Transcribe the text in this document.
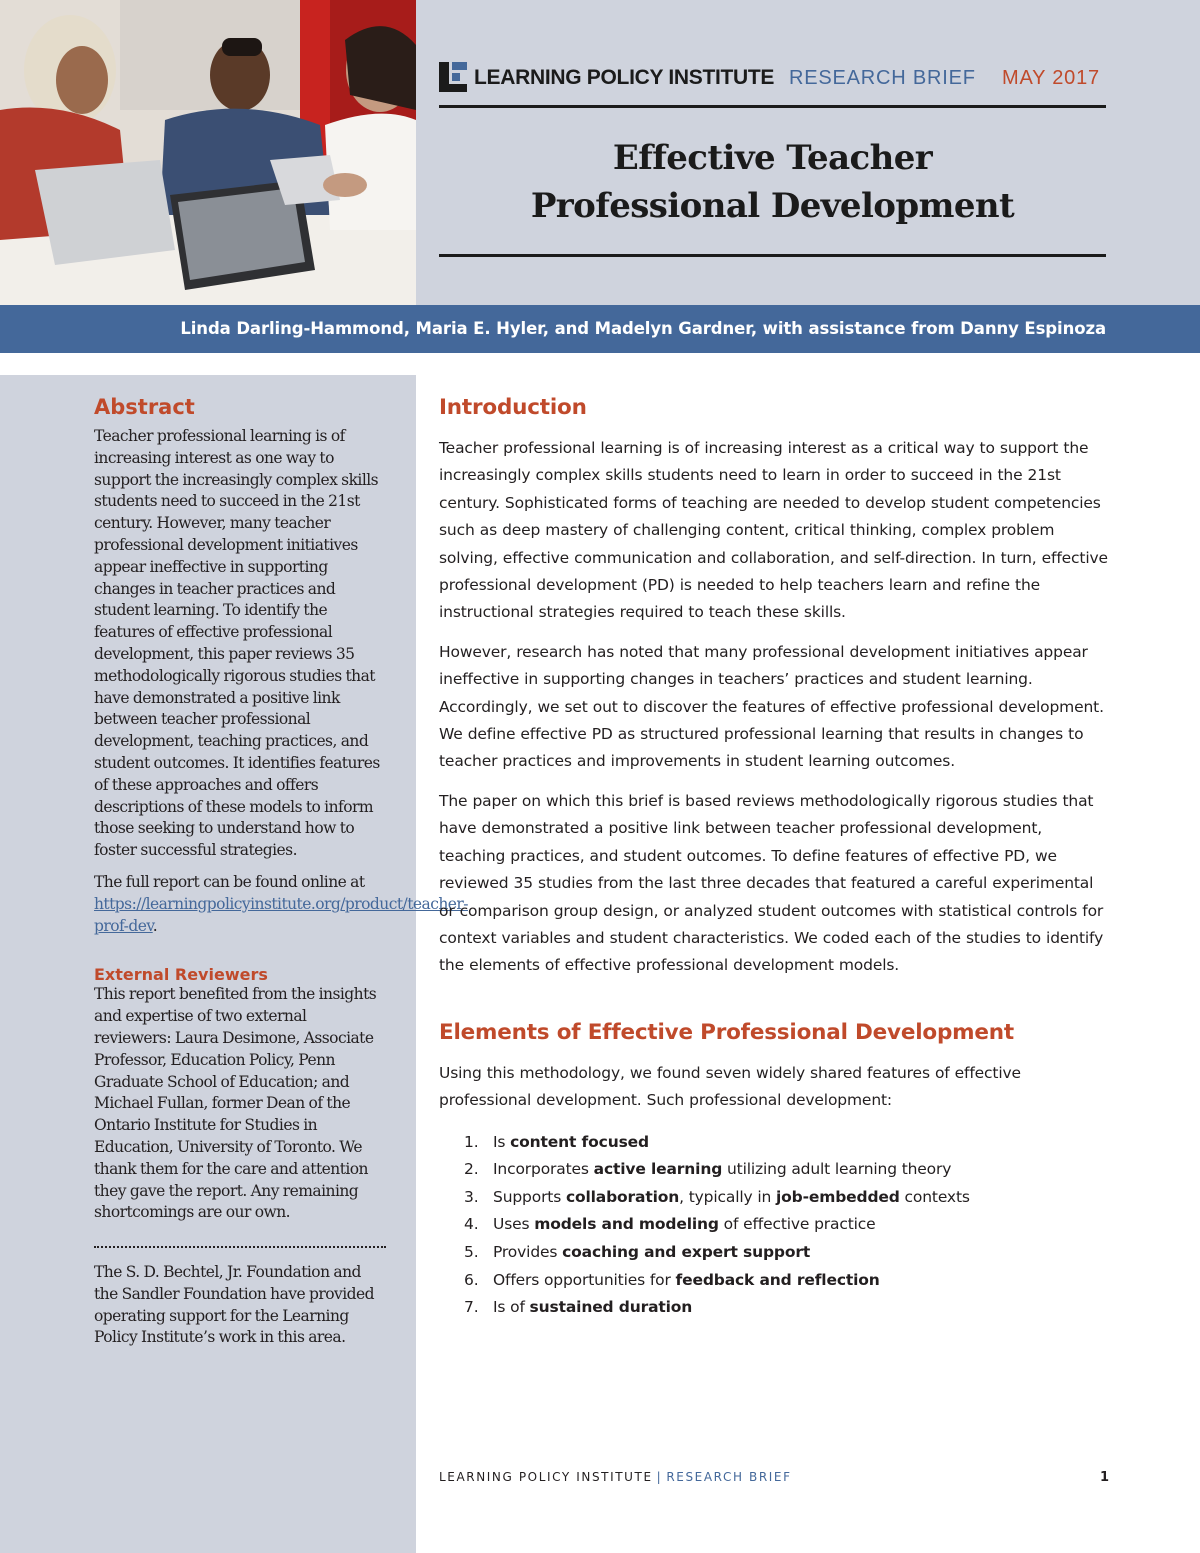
LEARNING POLICY INSTITUTE RESEARCH BRIEF MAY 2017
Effective Teacher
Professional Development
Linda Darling-Hammond, Maria E. Hyler, and Madelyn Gardner, with assistance from Danny Espinoza
Abstract

Teacher professional learning is of increasing interest as one way to support the increasingly complex skills students need to succeed in the 21st century. However, many teacher professional development initiatives appear ineffective in supporting changes in teacher practices and student learning. To identify the features of effective professional development, this paper reviews 35 methodologically rigorous studies that have demonstrated a positive link between teacher professional development, teaching practices, and student outcomes. It identifies features of these approaches and offers descriptions of these models to inform those seeking to understand how to foster successful strategies.

The full report can be found online at https://learningpolicyinstitute.org/product/teacher-prof-dev.

External Reviewers

This report benefited from the insights and expertise of two external reviewers: Laura Desimone, Associate Professor, Education Policy, Penn Graduate School of Education; and Michael Fullan, former Dean of the Ontario Institute for Studies in Education, University of Toronto. We thank them for the care and attention they gave the report. Any remaining shortcomings are our own.

The S. D. Bechtel, Jr. Foundation and the Sandler Foundation have provided operating support for the Learning Policy Institute’s work in this area.

Introduction

Teacher professional learning is of increasing interest as a critical way to support the increasingly complex skills students need to learn in order to succeed in the 21st century. Sophisticated forms of teaching are needed to develop student competencies such as deep mastery of challenging content, critical thinking, complex problem solving, effective communication and collaboration, and self-direction. In turn, effective professional development (PD) is needed to help teachers learn and refine the instructional strategies required to teach these skills.

However, research has noted that many professional development initiatives appear ineffective in supporting changes in teachers’ practices and student learning. Accordingly, we set out to discover the features of effective professional development. We define effective PD as structured professional learning that results in changes to teacher practices and improvements in student learning outcomes.

The paper on which this brief is based reviews methodologically rigorous studies that have demonstrated a positive link between teacher professional development, teaching practices, and student outcomes. To define features of effective PD, we reviewed 35 studies from the last three decades that featured a careful experimental or comparison group design, or analyzed student outcomes with statistical controls for context variables and student characteristics. We coded each of the studies to identify the elements of effective professional development models.

Elements of Effective Professional Development

Using this methodology, we found seven widely shared features of effective professional development. Such professional development:

1. Is content focused
2. Incorporates active learning utilizing adult learning theory
3. Supports collaboration, typically in job-embedded contexts
4. Uses models and modeling of effective practice
5. Provides coaching and expert support
6. Offers opportunities for feedback and reflection
7. Is of sustained duration
LEARNING POLICY INSTITUTE | RESEARCH BRIEF	1
